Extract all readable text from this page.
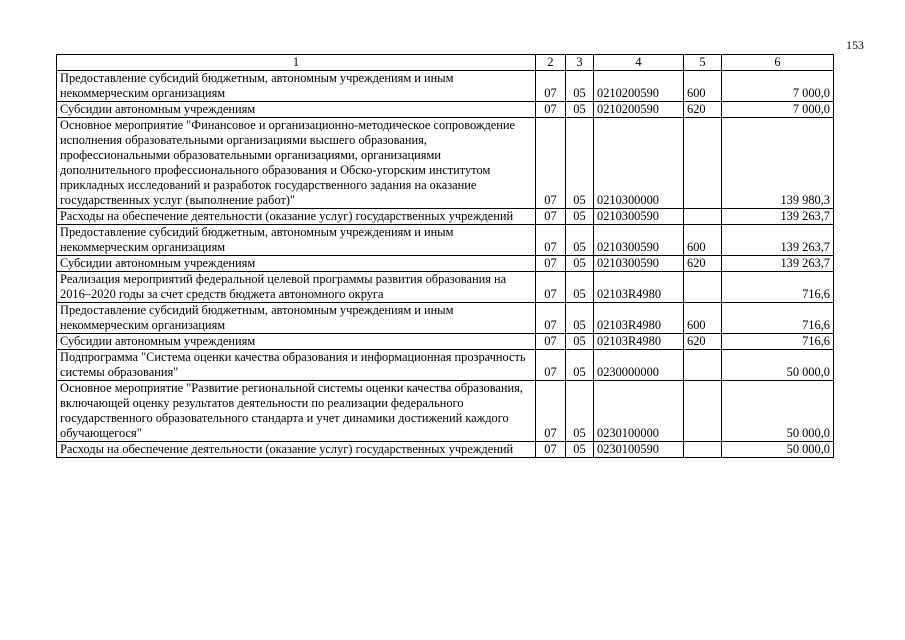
153
1	2	3	4	5	6
Предоставление субсидий бюджетным, автономным учреждениям и иным некоммерческим организациям	07	05	0210200590	600	7 000,0
Субсидии автономным учреждениям	07	05	0210200590	620	7 000,0
Основное мероприятие "Финансовое и организационно-методическое сопровождение исполнения образовательными организациями высшего образования, профессиональными образовательными организациями, организациями дополнительного профессионального образования и Обско-угорским институтом прикладных исследований и разработок государственного задания на оказание государственных услуг (выполнение работ)"	07	05	0210300000		139 980,3
Расходы на обеспечение деятельности (оказание услуг) государственных учреждений	07	05	0210300590		139 263,7
Предоставление субсидий бюджетным, автономным учреждениям и иным некоммерческим организациям	07	05	0210300590	600	139 263,7
Субсидии автономным учреждениям	07	05	0210300590	620	139 263,7
Реализация мероприятий федеральной целевой программы развития образования на 2016–2020 годы за счет средств бюджета автономного округа	07	05	02103R4980		716,6
Предоставление субсидий бюджетным, автономным учреждениям и иным некоммерческим организациям	07	05	02103R4980	600	716,6
Субсидии автономным учреждениям	07	05	02103R4980	620	716,6
Подпрограмма "Система оценки качества образования и информационная прозрачность системы образования"	07	05	0230000000		50 000,0
Основное мероприятие "Развитие региональной системы оценки качества образования, включающей оценку результатов деятельности по реализации федерального государственного образовательного стандарта и учет динамики достижений каждого обучающегося"	07	05	0230100000		50 000,0
Расходы на обеспечение деятельности (оказание услуг) государственных учреждений	07	05	0230100590		50 000,0
